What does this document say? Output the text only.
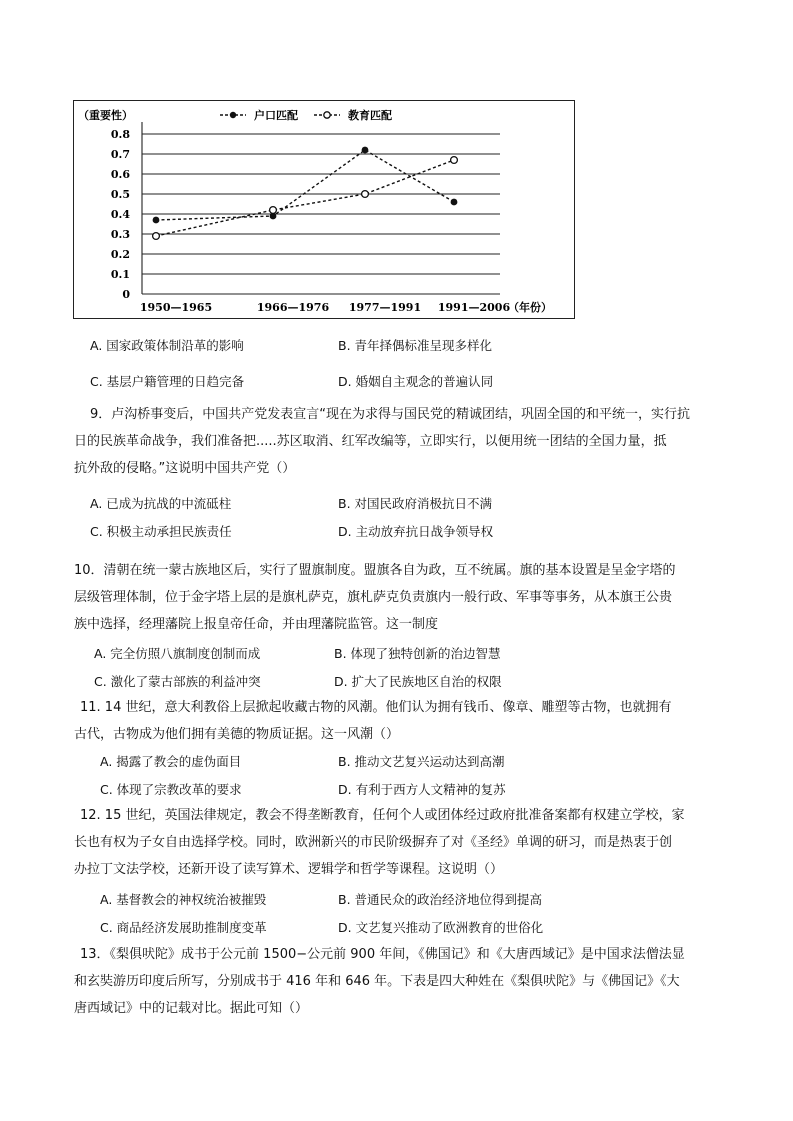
（重要性）	户口匹配	教育匹配
0.8
0.7
0.6
0.5
0.4
0.3
0.2
0.1
0
1950—1965	1966—1976 1977—1991 1991—2006
（年份）
A. 国家政策体制沿革的影响	B. 青年择偶标准呈现多样化
C. 基层户籍管理的日趋完备	D. 婚姻自主观念的普遍认同
9．卢沟桥事变后，中国共产党发表宣言“现在为求得与国民党的精诚团结，巩固全国的和平统一，实行抗
日的民族革命战争，我们准备把.....苏区取消、红军改编等，立即实行，以便用统一团结的全国力量，抵
抗外敌的侵略。”这说明中国共产党（）
A. 已成为抗战的中流砥柱	B. 对国民政府消极抗日不满
C. 积极主动承担民族责任	D. 主动放弃抗日战争领导权
10．清朝在统一蒙古族地区后，实行了盟旗制度。盟旗各自为政，互不统属。旗的基本设置是呈金字塔的
层级管理体制，位于金字塔上层的是旗札萨克，旗札萨克负责旗内一般行政、军事等事务，从本旗王公贵
族中选择，经理藩院上报皇帝任命，并由理藩院监管。这一制度
A. 完全仿照八旗制度创制而成	B. 体现了独特创新的治边智慧
C. 激化了蒙古部族的利益冲突	D. 扩大了民族地区自治的权限
11. 14 世纪，意大利教俗上层掀起收藏古物的风潮。他们认为拥有钱币、像章、雕塑等古物，也就拥有
古代，古物成为他们拥有美德的物质证据。这一风潮（）
A. 揭露了教会的虚伪面目	B. 推动文艺复兴运动达到高潮
C. 体现了宗教改革的要求	D. 有利于西方人文精神的复苏
12. 15 世纪，英国法律规定，教会不得垄断教育，任何个人或团体经过政府批准备案都有权建立学校，家
长也有权为子女自由选择学校。同时，欧洲新兴的市民阶级摒弃了对《圣经》单调的研习，而是热衷于创
办拉丁文法学校，还新开设了读写算术、逻辑学和哲学等课程。这说明（）
A. 基督教会的神权统治被摧毁	B. 普通民众的政治经济地位得到提高
C. 商品经济发展助推制度变革	D. 文艺复兴推动了欧洲教育的世俗化
13．《梨俱吠陀》成书于公元前 1500−公元前 900 年间，《佛国记》和《大唐西域记》是中国求法僧法显
和玄奘游历印度后所写，分别成书于 416 年和 646 年。下表是四大种姓在《梨俱吠陀》与《佛国记》《大
唐西域记》中的记载对比。据此可知（）
